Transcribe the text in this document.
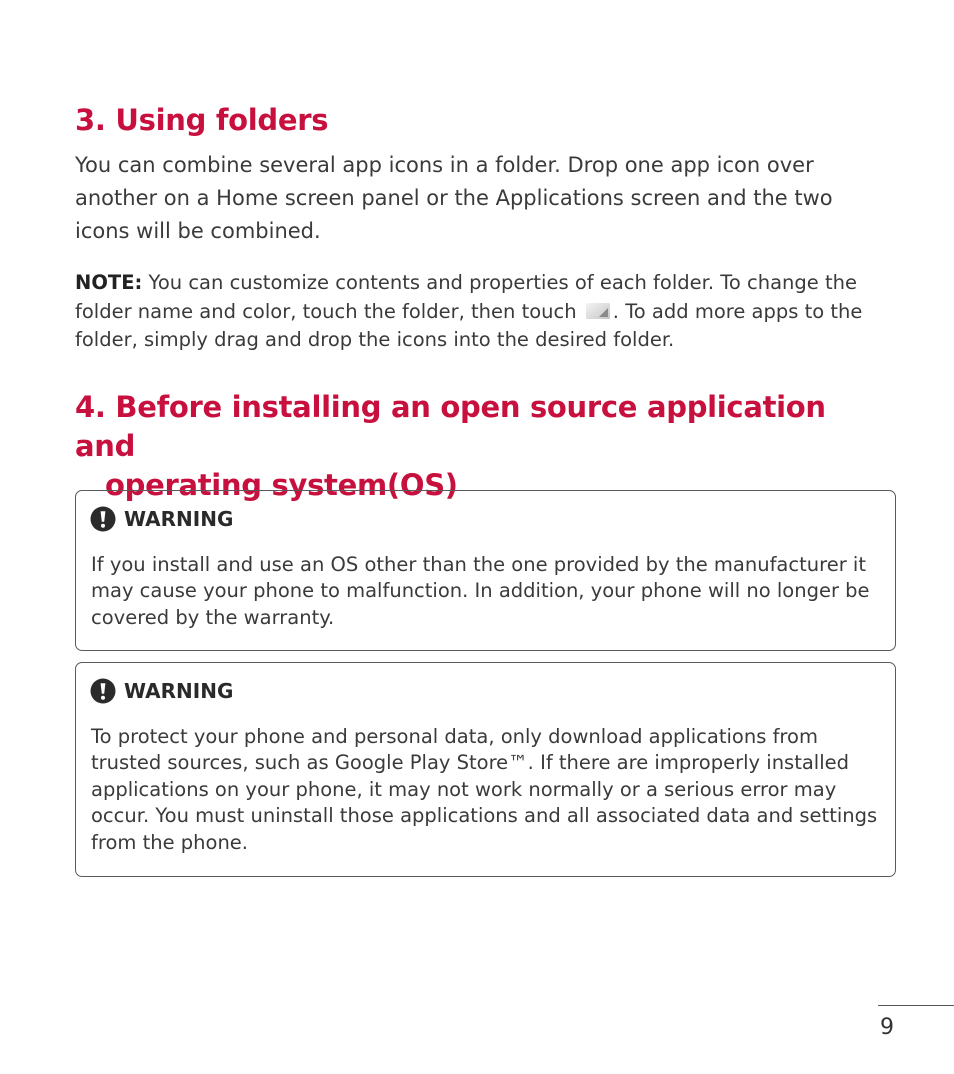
3. Using folders

You can combine several app icons in a folder. Drop one app icon over another on a Home screen panel or the Applications screen and the two icons will be combined.

NOTE: You can customize contents and properties of each folder. To change the folder name and color, touch the folder, then touch . To add more apps to the folder, simply drag and drop the icons into the desired folder.

4. Before installing an open source application and
operating system(OS)
WARNING

If you install and use an OS other than the one provided by the manufacturer it may cause your phone to malfunction. In addition, your phone will no longer be covered by the warranty.

WARNING

To protect your phone and personal data, only download applications from trusted sources, such as Google Play Store™. If there are improperly installed applications on your phone, it may not work normally or a serious error may occur. You must uninstall those applications and all associated data and settings from the phone.

9
